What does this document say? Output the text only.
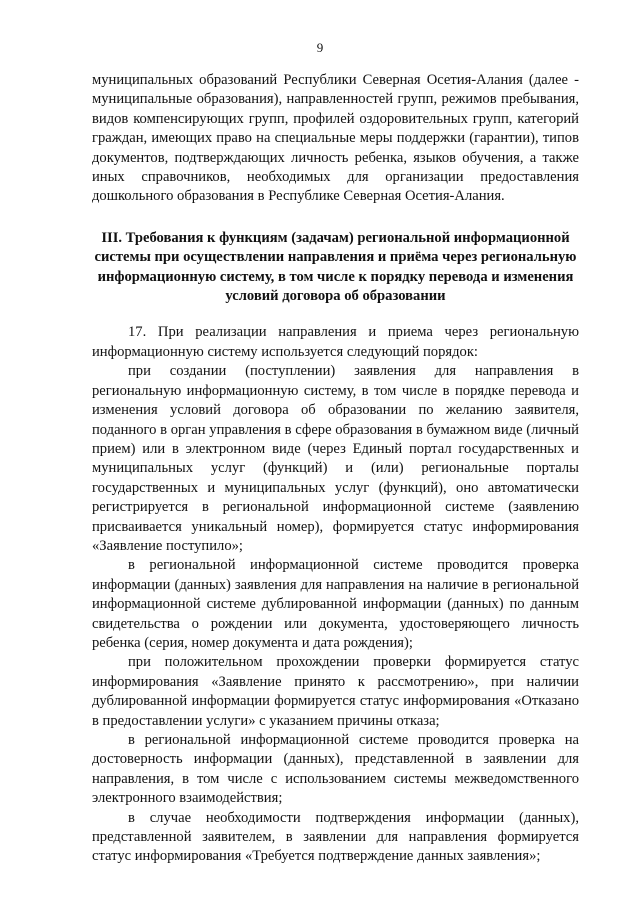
9

муниципальных образований Республики Северная Осетия-Алания (далее - муниципальные образования), направленностей групп, режимов пребывания, видов компенсирующих групп, профилей оздоровительных групп, категорий граждан, имеющих право на специальные меры поддержки (гарантии), типов документов, подтверждающих личность ребенка, языков обучения, а также иных справочников, необходимых для организации предоставления дошкольного образования в Республике Северная Осетия-Алания.

III. Требования к функциям (задачам) региональной информационной системы при осуществлении направления и приёма через региональную информационную систему, в том числе к порядку перевода и изменения условий договора об образовании

17. При реализации направления и приема через региональную информационную систему используется следующий порядок:

при создании (поступлении) заявления для направления в региональную информационную систему, в том числе в порядке перевода и изменения условий договора об образовании по желанию заявителя, поданного в орган управления в сфере образования в бумажном виде (личный прием) или в электронном виде (через Единый портал государственных и муниципальных услуг (функций) и (или) региональные порталы государственных и муниципальных услуг (функций), оно автоматически регистрируется в региональной информационной системе (заявлению присваивается уникальный номер), формируется статус информирования «Заявление поступило»;

в региональной информационной системе проводится проверка информации (данных) заявления для направления на наличие в региональной информационной системе дублированной информации (данных) по данным свидетельства о рождении или документа, удостоверяющего личность ребенка (серия, номер документа и дата рождения);

при положительном прохождении проверки формируется статус информирования «Заявление принято к рассмотрению», при наличии дублированной информации формируется статус информирования «Отказано в предоставлении услуги» с указанием причины отказа;

в региональной информационной системе проводится проверка на достоверность информации (данных), представленной в заявлении для направления, в том числе с использованием системы межведомственного электронного взаимодействия;

в случае необходимости подтверждения информации (данных), представленной заявителем, в заявлении для направления формируется статус информирования «Требуется подтверждение данных заявления»;
